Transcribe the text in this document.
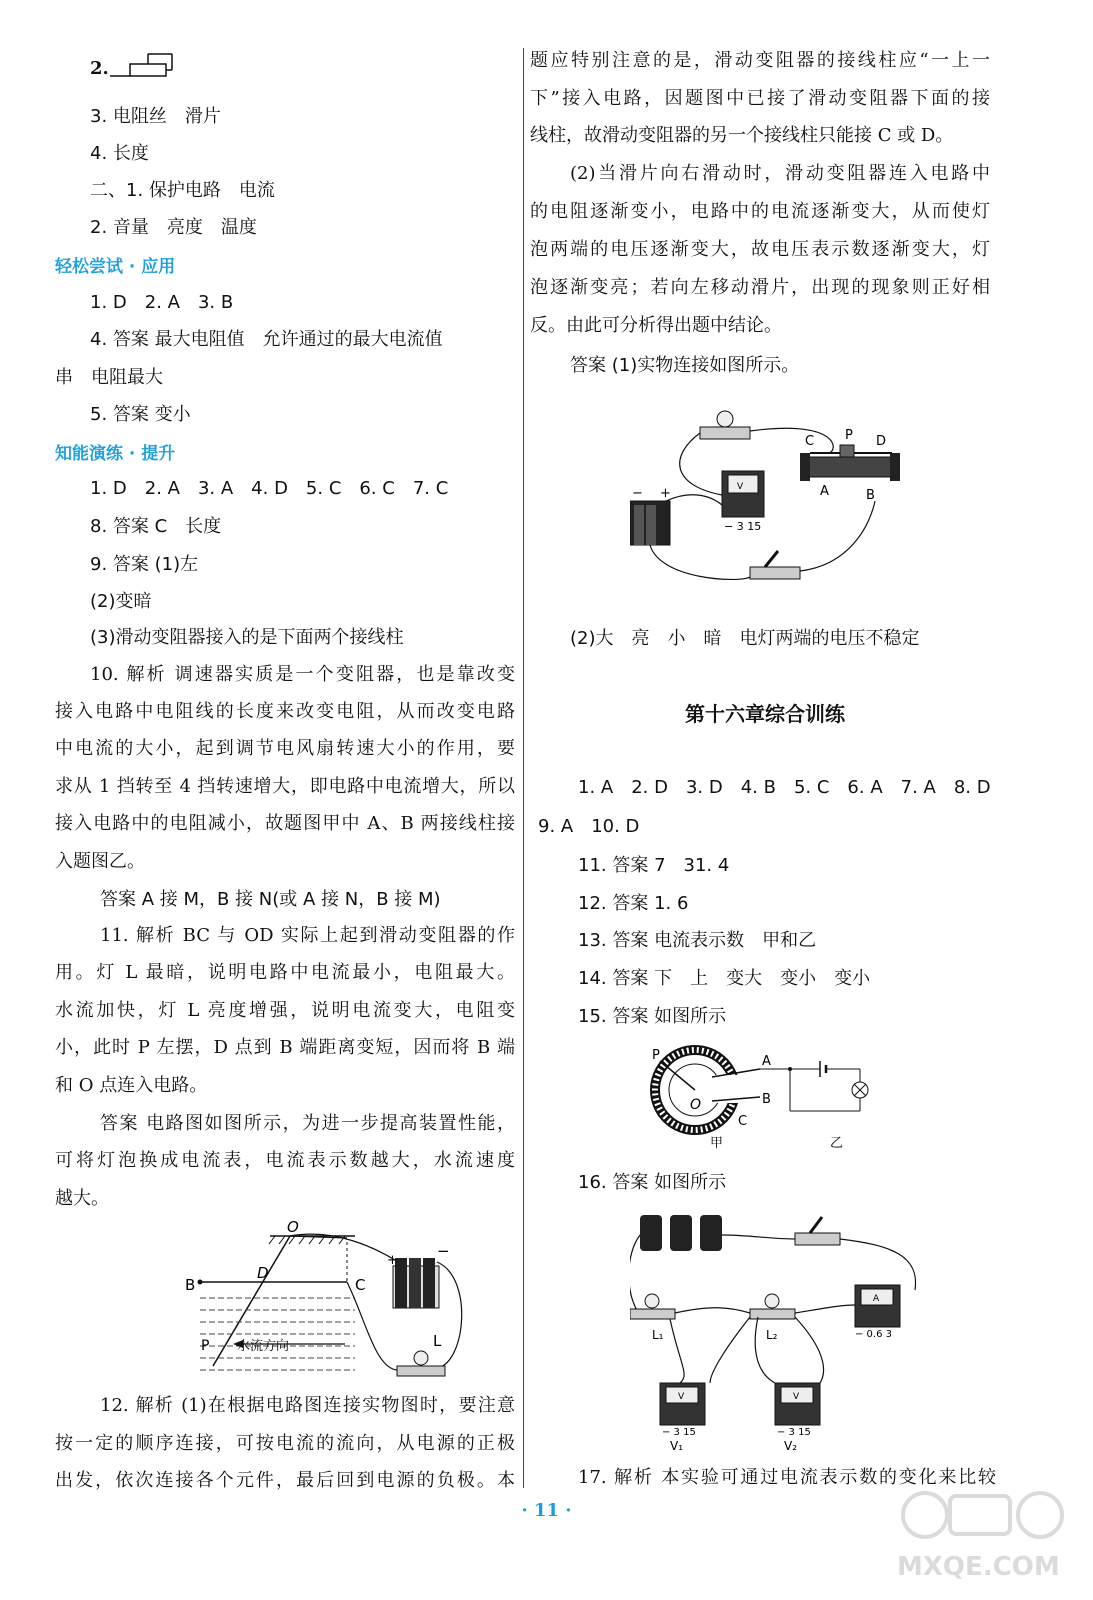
2.
3. 电阻丝　滑片
4. 长度
二、1. 保护电路　电流
2. 音量　亮度　温度
轻松尝试 · 应用
1. D　2. A　3. B
4. 答案 最大电阻值　允许通过的最大电流值
串　电阻最大
5. 答案 变小
知能演练 · 提升
1. D　2. A　3. A　4. D　5. C　6. C　7. C
8. 答案 C　长度
9. 答案 (1)左
(2)变暗
(3)滑动变阻器接入的是下面两个接线柱
10. 解析 调速器实质是一个变阻器，也是靠改变
接入电路中电阻线的长度来改变电阻，从而改变电路
中电流的大小，起到调节电风扇转速大小的作用，要
求从 1 挡转至 4 挡转速增大，即电路中电流增大，所以
接入电路中的电阻减小，故题图甲中 A、B 两接线柱接
入题图乙。
答案 A 接 M，B 接 N(或 A 接 N，B 接 M)
11. 解析 BC 与 OD 实际上起到滑动变阻器的作
用。灯 L 最暗，说明电路中电流最小，电阻最大。
水流加快，灯 L 亮度增强，说明电流变大，电阻变
小，此时 P 左摆，D 点到 B 端距离变短，因而将 B 端
和 O 点连入电路。
答案 电路图如图所示，为进一步提高装置性能，
可将灯泡换成电流表，电流表示数越大，水流速度
越大。
O
B	C
D
P 水流方向
+
−
L
12. 解析 (1)在根据电路图连接实物图时，要注意
按一定的顺序连接，可按电流的流向，从电源的正极
出发，依次连接各个元件，最后回到电源的负极。本
题应特别注意的是，滑动变阻器的接线柱应“一上一
下”接入电路，因题图中已接了滑动变阻器下面的接
线柱，故滑动变阻器的另一个接线柱只能接 C 或 D。
(2)当滑片向右滑动时，滑动变阻器连入电路中
的电阻逐渐变小，电路中的电流逐渐变大，从而使灯
泡两端的电压逐渐变大，故电压表示数逐渐变大，灯
泡逐渐变亮；若向左移动滑片，出现的现象则正好相
反。由此可分析得出题中结论。
答案 (1)实物连接如图所示。
C P D
A	B
V
− 3 15
− +
(2)大　亮　小　暗　电灯两端的电压不稳定
第十六章综合训练
1. A　2. D　3. D　4. B　5. C　6. A　7. A　8. D
9. A　10. D
11. 答案 7　31. 4
12. 答案 1. 6
13. 答案 电流表示数　甲和乙
14. 答案 下　上　变大　变小　变小
15. 答案 如图所示
P
O
A
B
C
甲	乙
16. 答案 如图所示
A
− 0.6 3
L₁	L₂
V
− 3 15
V₁
V
− 3 15
V₂
17. 解析 本实验可通过电流表示数的变化来比较
· 11 ·
MXQE.COM
